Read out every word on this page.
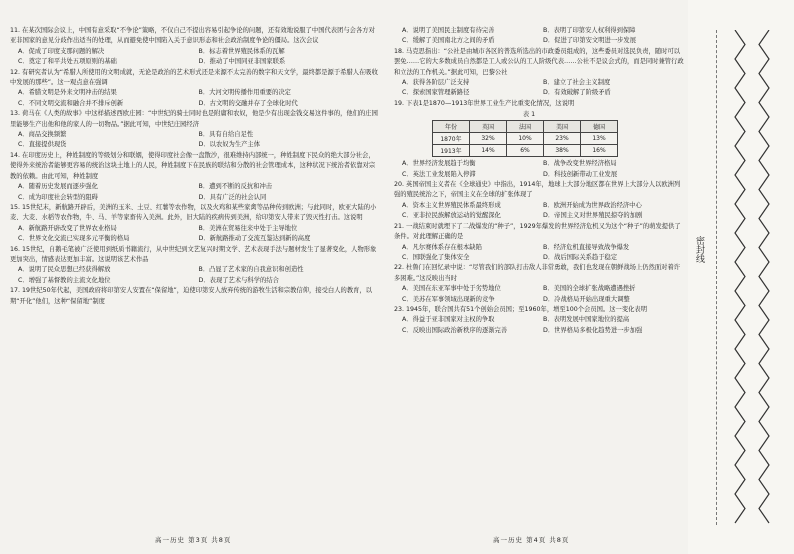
11. 在某次国际会议上，中国有意采取“不争论”策略，不仅自己不提出容易引起争论的问题，还有效地说服了中国代表团与会各方对亚非国家的意见分歧作出适当的处理，从而避免使中国陷入关于意识形态和社会政治制度争论的僵局。这次会议

A．促成了印度支那问题的解决	B．标志着世界殖民体系的瓦解
C．奠定了和平共处五项原则的基础	D．推动了中国同亚非国家联系

12. 有研究者认为“希腊人所使用的文明成就，无论是政治的艺术形式还是来源不太完善的数字和天文学，最终都是源于希腊人在吸收中发展的那些”。这一观点意在强调

A．希腊文明是外来文明冲击的结果	B．大河文明传播作用重要的决定
C．不同文明交流和融合并不排斥创新	D．古文明的交融并存了全球化时代

13. 荷马在《人类的故事》中这样描述西欧庄园：“中世纪的骑士同时也是附庸和农奴，他是少有出现金钱交易这件事的，他们的庄园里能够生产出他和他的家人的一切物品。”据此可知，中世纪庄园经济

A．商品交换频繁	B．具有自给自足性
C．直接提供现货	D．以农奴为生产主体

14. 在印度历史上，种姓制度的等级划分和联姻，使得印度社会像一盘散沙，很难维持内部统一，种姓制度下民众的绝大部分社会，使得外来统治者能够更容易的统治这块土地上的人民，种姓制度下在民族的联结和分散的社会管理成本，这种状况下统治者依靠对宗教的依赖。由此可知，种姓制度

A．随着历史发展而逐步强化	B．遭到不断的反抗和冲击
C．成为印度社会转型的阻碍	D．具有广泛的社会认同

15. 15世纪末，新航路开辟后，美洲的玉米、土豆、红薯等农作物，以及火鸡和某些家禽等品种传到欧洲；与此同时，欧亚大陆的小麦、大麦、水稻等农作物，牛、马、羊等家畜传入美洲。此外，旧大陆的疾病传到美洲，给印第安人带来了毁灭性打击。这说明

A．新航路开辟改变了世界农业格局	B．美洲在贸易往来中处于主导地位
C．世界文化交流已实现多元平衡的格局	D．新航路推动了交流互鉴达到新的高度

16. 15世纪，自鹅毛笔被广泛使用到纸质书籍流行，从中世纪到文艺复兴时期文学、艺术表现手法与题材发生了显著变化，人物形象更加突出，情感表达更加丰富。这说明该艺术作品

A．说明了民众思想已经获得解放	B．凸显了艺术家的自我意识和创造性
C．增强了基督教的主流文化地位	D．表现了艺术与科学的结合

17. 19世纪50年代起，美国政府将印第安人安置在“保留地”，迫使印第安人放弃传统的游牧生活和宗教信仰，接受白人的教育，以期“开化”他们，这种“保留地”制度

高一历史 第3页 共8页
A．说明了美国民主制度有待完善	B．表明了印第安人权利得到保障
C．缓解了美国南北方之间的矛盾	D．促进了印第安文明进一步发展

18. 马克思指出：“公社是由城市各区的普选所选出的市政委员组成的，这些委员对选民负责，随时可以罢免……它的大多数成员自然都是工人或公认的工人阶级代表……公社不是议会式的，而是同时兼管行政和立法的工作机关。”据此可知，巴黎公社

A．获得各阶层广泛支持	B．建立了社会主义制度
C．探索国家管理新路径	D．有效破解了阶级矛盾

19. 下表1是1870—1913年世界工业生产比重变化情况，这说明

表 1
年份	英国	法国	美国	德国
1870年	32%	10%	23%	13%
1913年	14%	6%	38%	16%
A．世界经济发展趋于均衡	B．战争改变世界经济格局
C．英法工业发展陷入停滞	D．科技创新带动工业发展

20. 英国帝国主义者在《全球通史》中指出，1914年，地球上大部分地区都在世界上大部分人以欧洲列强的殖民统治之下，帝国主义在全球的扩张体现了

A．资本主义世界殖民体系最终形成	B．欧洲开始成为世界政治经济中心
C．亚非拉民族解放运动的觉醒深化	D．帝国主义对世界殖民掠夺的加剧

21. 一战结束时就埋下了二战爆发的“种子”，1929年爆发的世界经济危机又为这个“种子”的萌发提供了条件。对此理解正确的是

A．凡尔赛体系存在根本缺陷	B．经济危机直接导致战争爆发
C．国联强化了集体安全	D．战后国际关系趋于稳定

22. 杜鲁门在回忆录中说：“尽管我们的部队打击敌人非常勇敢，我们也发现在朝鲜战场上仍然面对着许多困难。”这反映出当时

A．美国在东亚军事中处于劣势地位	B．美国的全球扩张战略遭遇挫折
C．美苏在军事领域出现新的竞争	D．冷战格局开始出现重大调整

23. 1945年，联合国共有51个创始会员国；至1960年，增至100个会员国。这一变化表明

A．得益于亚非国家对主权的争取	B．表明发展中国家地位的提高
C．反映出国际政治新秩序的逐渐完善	D．世界格局多极化趋势进一步加强
高一历史 第4页 共8页
密封线
